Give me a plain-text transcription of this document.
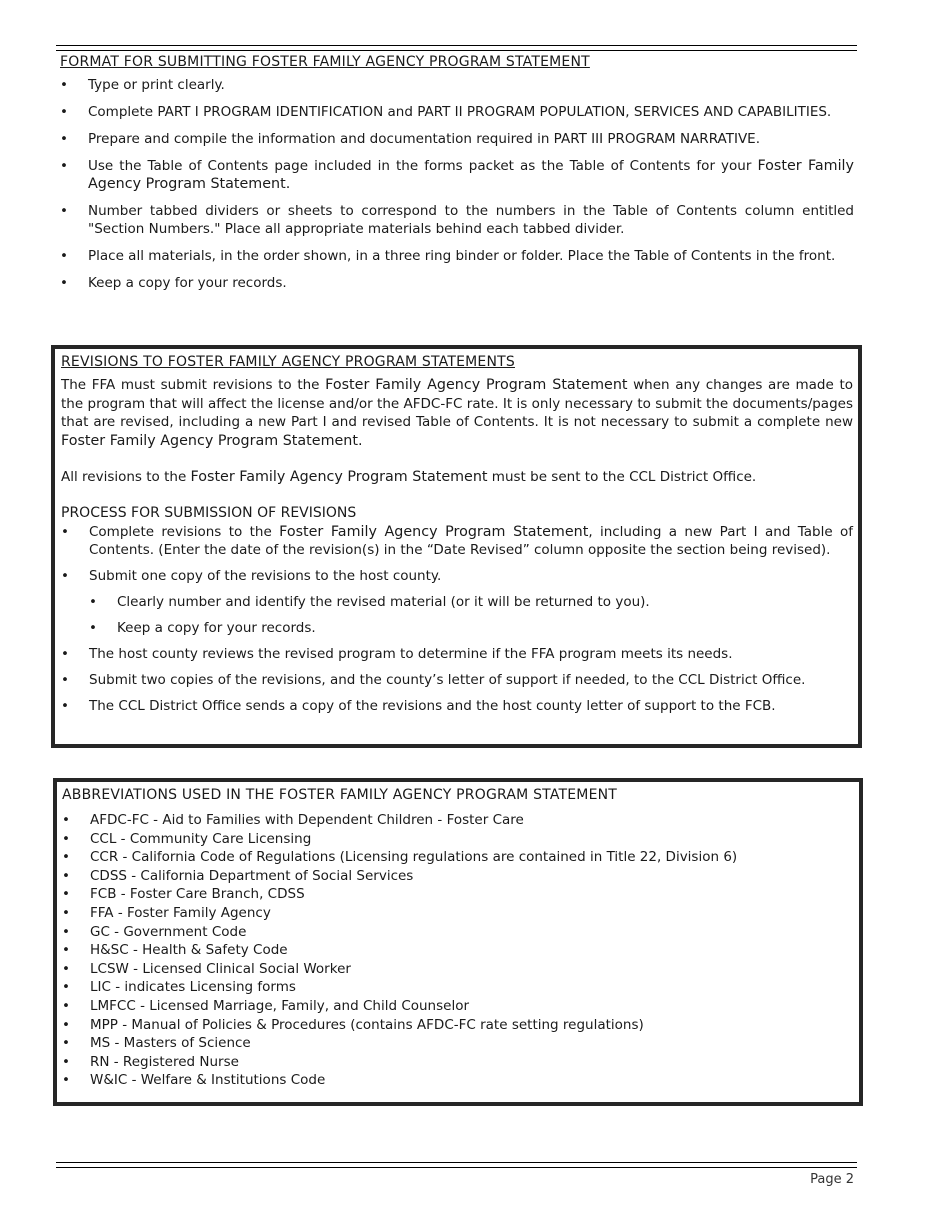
FORMAT FOR SUBMITTING FOSTER FAMILY AGENCY PROGRAM STATEMENT
• Type or print clearly.
• Complete PART I PROGRAM IDENTIFICATION and PART II PROGRAM POPULATION, SERVICES AND CAPABILITIES.
• Prepare and compile the information and documentation required in PART III PROGRAM NARRATIVE.
• Use the Table of Contents page included in the forms packet as the Table of Contents for your Foster Family Agency Program Statement.
• Number tabbed dividers or sheets to correspond to the numbers in the Table of Contents column entitled "Section Numbers." Place all appropriate materials behind each tabbed divider.
• Place all materials, in the order shown, in a three ring binder or folder. Place the Table of Contents in the front.
• Keep a copy for your records.
REVISIONS TO FOSTER FAMILY AGENCY PROGRAM STATEMENTS

The FFA must submit revisions to the Foster Family Agency Program Statement when any changes are made to the program that will affect the license and/or the AFDC-FC rate. It is only necessary to submit the documents/pages that are revised, including a new Part I and revised Table of Contents. It is not necessary to submit a complete new Foster Family Agency Program Statement.

All revisions to the Foster Family Agency Program Statement must be sent to the CCL District Office.

PROCESS FOR SUBMISSION OF REVISIONS
• Complete revisions to the Foster Family Agency Program Statement, including a new Part I and Table of Contents. (Enter the date of the revision(s) in the “Date Revised” column opposite the section being revised).
• Submit one copy of the revisions to the host county.
• Clearly number and identify the revised material (or it will be returned to you).
• Keep a copy for your records.
• The host county reviews the revised program to determine if the FFA program meets its needs.
• Submit two copies of the revisions, and the county’s letter of support if needed, to the CCL District Office.
• The CCL District Office sends a copy of the revisions and the host county letter of support to the FCB.
ABBREVIATIONS USED IN THE FOSTER FAMILY AGENCY PROGRAM STATEMENT
• AFDC-FC - Aid to Families with Dependent Children - Foster Care
• CCL - Community Care Licensing
• CCR - California Code of Regulations (Licensing regulations are contained in Title 22, Division 6)
• CDSS - California Department of Social Services
• FCB - Foster Care Branch, CDSS
• FFA - Foster Family Agency
• GC - Government Code
• H&SC - Health & Safety Code
• LCSW - Licensed Clinical Social Worker
• LIC - indicates Licensing forms
• LMFCC - Licensed Marriage, Family, and Child Counselor
• MPP - Manual of Policies & Procedures (contains AFDC-FC rate setting regulations)
• MS - Masters of Science
• RN - Registered Nurse
• W&IC - Welfare & Institutions Code
Page 2
